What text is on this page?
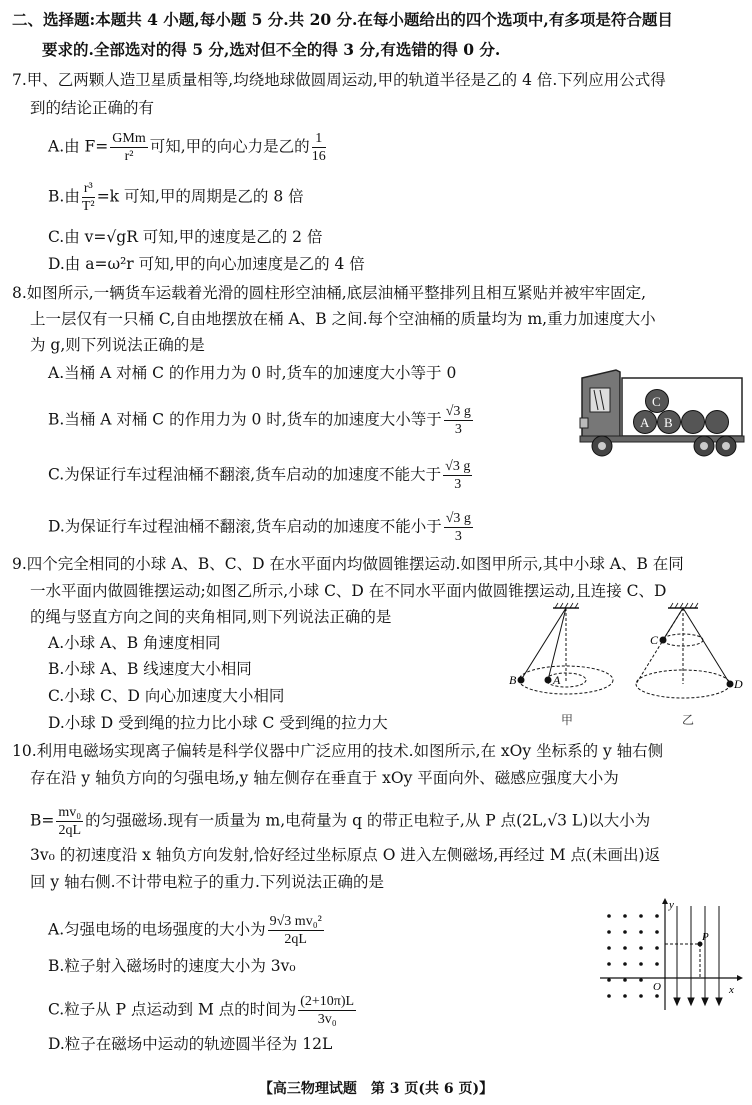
二、选择题:本题共 4 小题,每小题 5 分.共 20 分.在每小题给出的四个选项中,有多项是符合题目
要求的.全部选对的得 5 分,选对但不全的得 3 分,有选错的得 0 分.
7.甲、乙两颗人造卫星质量相等,均绕地球做圆周运动,甲的轨道半径是乙的 4 倍.下列应用公式得
到的结论正确的有
A.由 $F= \frac{\text{GMm}}{\text{r²}}$ 可知,甲的向心力是乙的 $\frac{1}{16}$
B.由 $\frac{\text{r³}}{\text{T²}} =k$ 可知,甲的周期是乙的 8 倍
C.由 v=√gR 可知,甲的速度是乙的 2 倍
D.由 a=ω²r 可知,甲的向心加速度是乙的 4 倍
8.如图所示,一辆货车运载着光滑的圆柱形空油桶,底层油桶平整排列且相互紧贴并被牢牢固定,
上一层仅有一只桶 C,自由地摆放在桶 A、B 之间.每个空油桶的质量均为 m,重力加速度大小
为 g,则下列说法正确的是
A.当桶 A 对桶 C 的作用力为 0 时,货车的加速度大小等于 0
B.当桶 A 对桶 C 的作用力为 0 时,货车的加速度大小等于 $\frac{√3 g}{3}$
C.为保证行车过程油桶不翻滚,货车启动的加速度不能大于 $\frac{√3 g}{3}$
D.为保证行车过程油桶不翻滚,货车启动的加速度不能小于 $\frac{√3 g}{3}$
A B
C
9.四个完全相同的小球 A、B、C、D 在水平面内均做圆锥摆运动.如图甲所示,其中小球 A、B 在同
一水平面内做圆锥摆运动;如图乙所示,小球 C、D 在不同水平面内做圆锥摆运动,且连接 C、D
的绳与竖直方向之间的夹角相同,则下列说法正确的是
A.小球 A、B 角速度相同
B.小球 A、B 线速度大小相同
C.小球 C、D 向心加速度大小相同
D.小球 D 受到绳的拉力比小球 C 受到绳的拉力大
B	A
甲
C
D
乙
10.利用电磁场实现离子偏转是科学仪器中广泛应用的技术.如图所示,在 xOy 坐标系的 y 轴右侧
存在沿 y 轴负方向的匀强电场,y 轴左侧存在垂直于 xOy 平面向外、磁感应强度大小为
$B= \frac{\text{mv₀}}{2qL}$ 的匀强磁场.现有一质量为 m,电荷量为 q 的带正电粒子,从 P 点(2L,√3 L)以大小为
3v₀ 的初速度沿 x 轴负方向发射,恰好经过坐标原点 O 进入左侧磁场,再经过 M 点(未画出)返
回 y 轴右侧.不计带电粒子的重力.下列说法正确的是
A.匀强电场的电场强度的大小为 $\frac{\text{9√3 mv₀²}}{2qL}$
B.粒子射入磁场时的速度大小为 3v₀
C.粒子从 P 点运动到 M 点的时间为 $\frac{(2+10\pi)L}{\text{3v₀}}$
D.粒子在磁场中运动的轨迹圆半径为 12L
x
y
O
P
【高三物理试题　第 3 页(共 6 页)】
